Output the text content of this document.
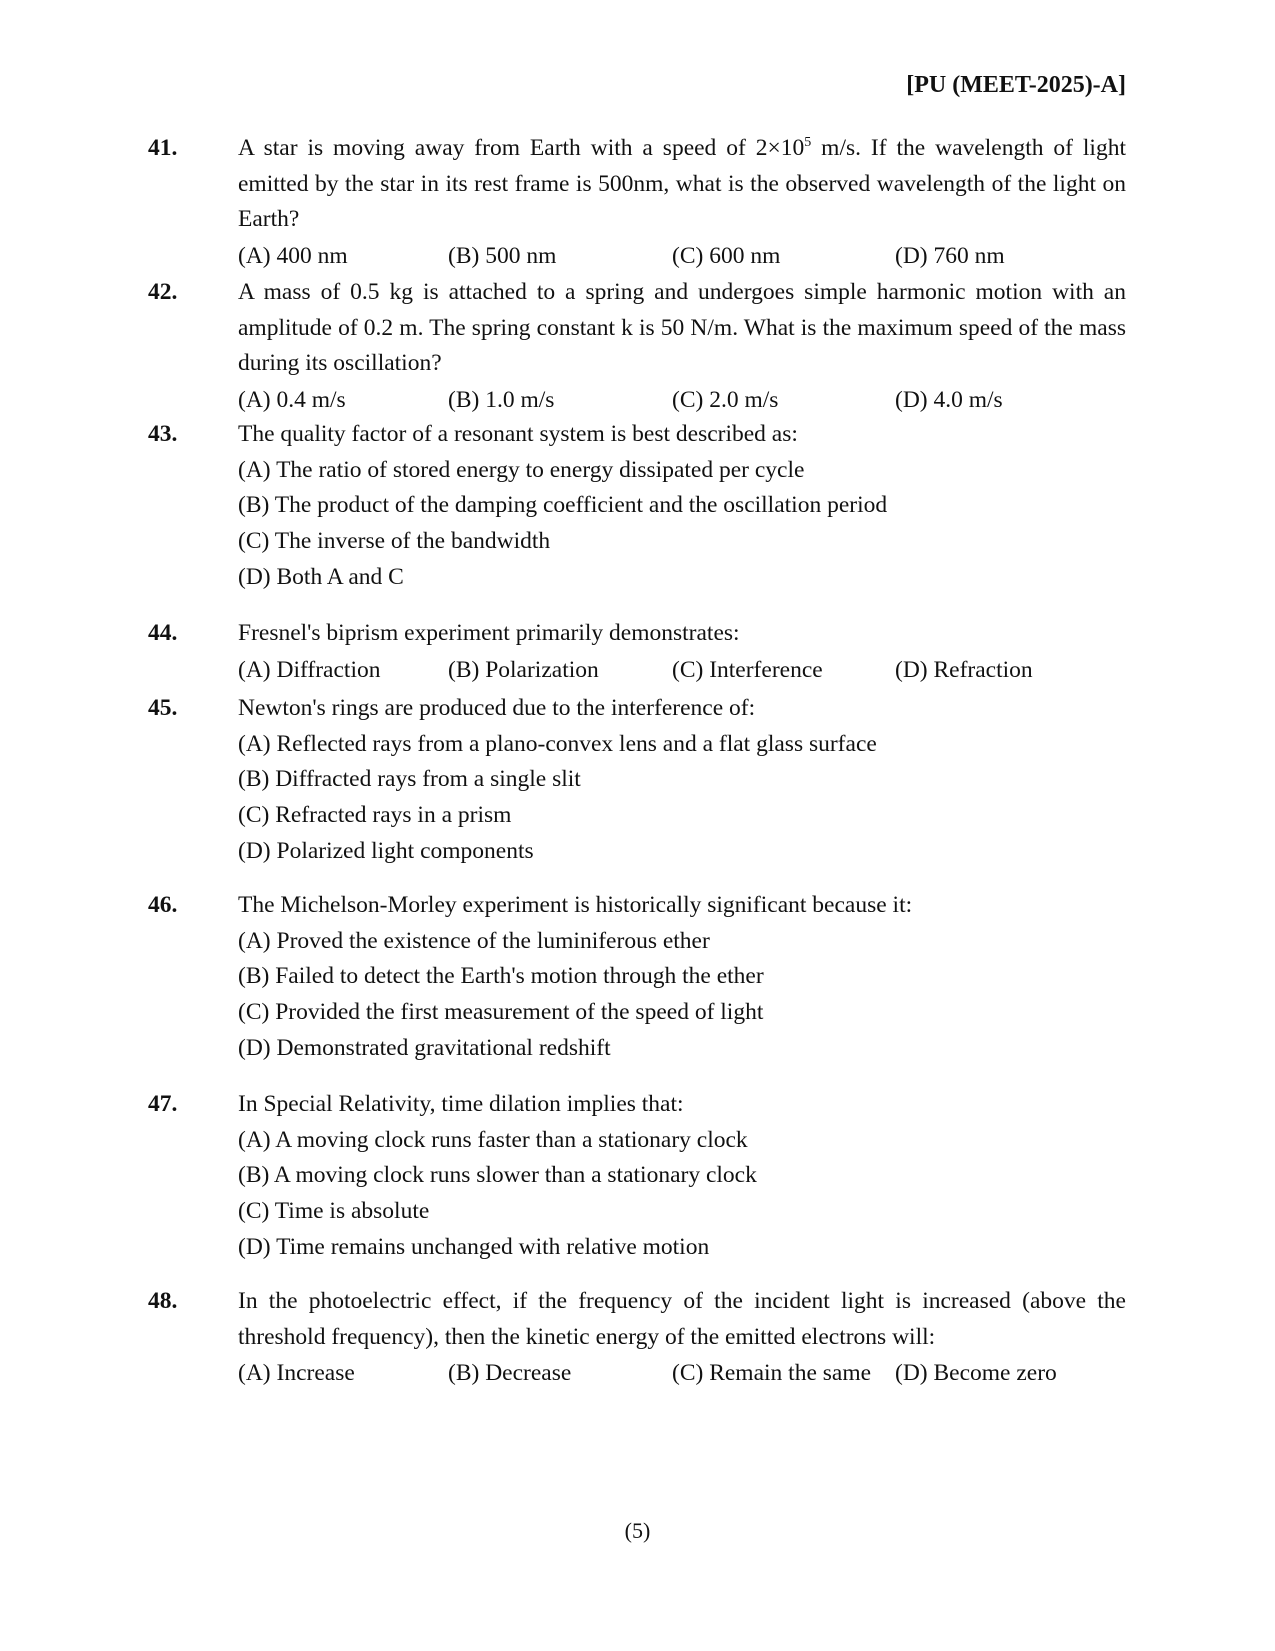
[PU (MEET-2025)-A]
41.	A star is moving away from Earth with a speed of $2\times 10^5$ m/s. If the wavelength of light emitted by the star in its rest frame is 500nm, what is the observed wavelength of the light on Earth?
(A) 400 nm	(B) 500 nm	(C) 600 nm	(D) 760 nm
42.	A mass of 0.5 kg is attached to a spring and undergoes simple harmonic motion with an amplitude of 0.2 m. The spring constant k is 50 N/m. What is the maximum speed of the mass during its oscillation?
(A) 0.4 m/s	(B) 1.0 m/s	(C) 2.0 m/s	(D) 4.0 m/s
43.	The quality factor of a resonant system is best described as:
(A) The ratio of stored energy to energy dissipated per cycle
(B) The product of the damping coefficient and the oscillation period
(C) The inverse of the bandwidth
(D) Both A and C
44.	Fresnel's biprism experiment primarily demonstrates:
(A) Diffraction	(B) Polarization	(C) Interference	(D) Refraction
45.	Newton's rings are produced due to the interference of:
(A) Reflected rays from a plano-convex lens and a flat glass surface
(B) Diffracted rays from a single slit
(C) Refracted rays in a prism
(D) Polarized light components
46.	The Michelson-Morley experiment is historically significant because it:
(A) Proved the existence of the luminiferous ether
(B) Failed to detect the Earth's motion through the ether
(C) Provided the first measurement of the speed of light
(D) Demonstrated gravitational redshift
47.	In Special Relativity, time dilation implies that:
(A) A moving clock runs faster than a stationary clock
(B) A moving clock runs slower than a stationary clock
(C) Time is absolute
(D) Time remains unchanged with relative motion
48.	In the photoelectric effect, if the frequency of the incident light is increased (above the threshold frequency), then the kinetic energy of the emitted electrons will:
(A) Increase	(B) Decrease	(C) Remain the same	(D) Become zero
(5)
